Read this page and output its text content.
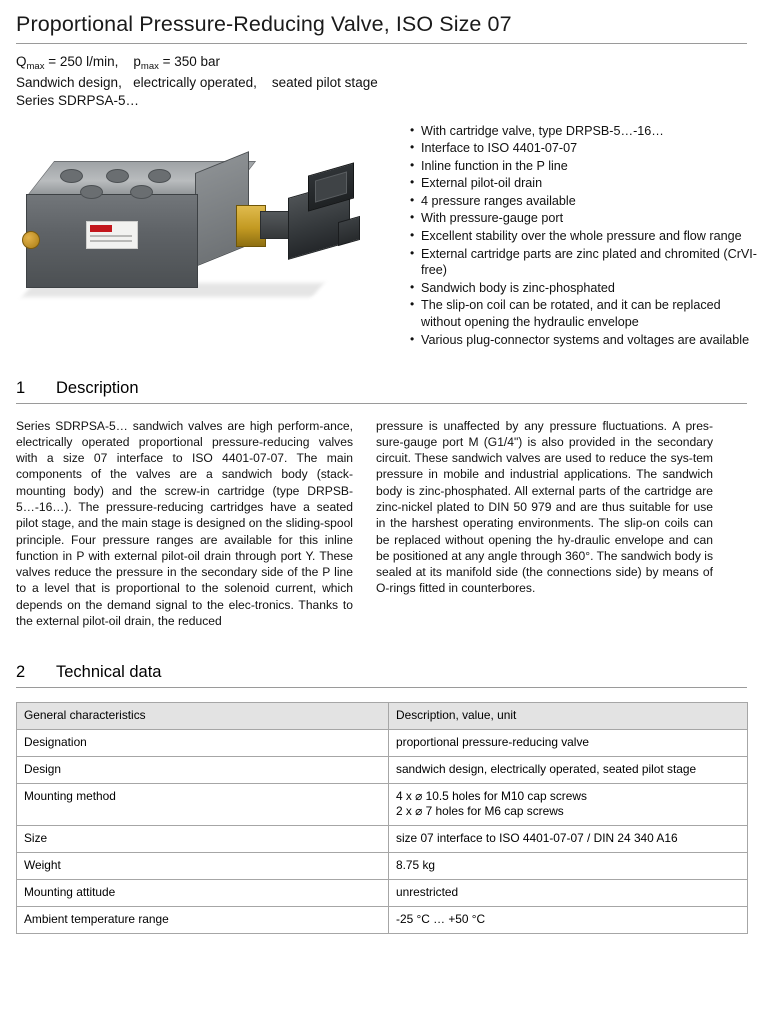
Proportional Pressure-Reducing Valve, ISO Size 07
$Q_{max} = 250$ l/min,    $p_{max} = 350$ bar
Sandwich design,   electrically operated,    seated pilot stage
Series SDRPSA-5…
• With cartridge valve, type DRPSB-5…-16…
• Interface to ISO 4401-07-07
• Inline function in the P line
• External pilot-oil drain
• 4 pressure ranges available
• With pressure-gauge port
• Excellent stability over the whole pressure and flow range
• External cartridge parts are zinc plated and chromited (CrVI-free)
• Sandwich body is zinc-phosphated
• The slip-on coil can be rotated, and it can be replaced without opening the hydraulic envelope
• Various plug-connector systems and voltages are available
1	Description
Series SDRPSA-5… sandwich valves are high perform-ance, electrically operated proportional pressure-reducing valves with a size 07 interface to ISO 4401-07-07. The main components of the valves are a sandwich body (stack-mounting body) and the screw-in cartridge (type DRPSB-5…-16…). The pressure-reducing cartridges have a seated pilot stage, and the main stage is designed on the sliding-spool principle. Four pressure ranges are available for this inline function in P with external pilot-oil drain through port Y. These valves reduce the pressure in the secondary side of the P line to a level that is proportional to the solenoid current, which depends on the demand signal to the elec-tronics. Thanks to the external pilot-oil drain, the reduced
pressure is unaffected by any pressure fluctuations. A pres-sure-gauge port M (G1/4") is also provided in the secondary circuit. These sandwich valves are used to reduce the sys-tem pressure in mobile and industrial applications. The sandwich body is zinc-phosphated. All external parts of the cartridge are zinc-nickel plated to DIN 50 979 and are thus suitable for use in the harshest operating environments. The slip-on coils can be replaced without opening the hy-draulic envelope and can be positioned at any angle through 360°. The sandwich body is sealed at its manifold side (the connections side) by means of O-rings fitted in counterbores.
2	Technical data
General characteristics	Description, value, unit
Designation	proportional pressure-reducing valve
Design	sandwich design, electrically operated, seated pilot stage
Mounting method	4 x ⌀ 10.5 holes for M10 cap screws
2 x ⌀ 7 holes for M6 cap screws

Size	size 07 interface to ISO 4401-07-07 / DIN 24 340 A16
Weight	8.75 kg
Mounting attitude	unrestricted
Ambient temperature range	-25 °C … +50 °C
